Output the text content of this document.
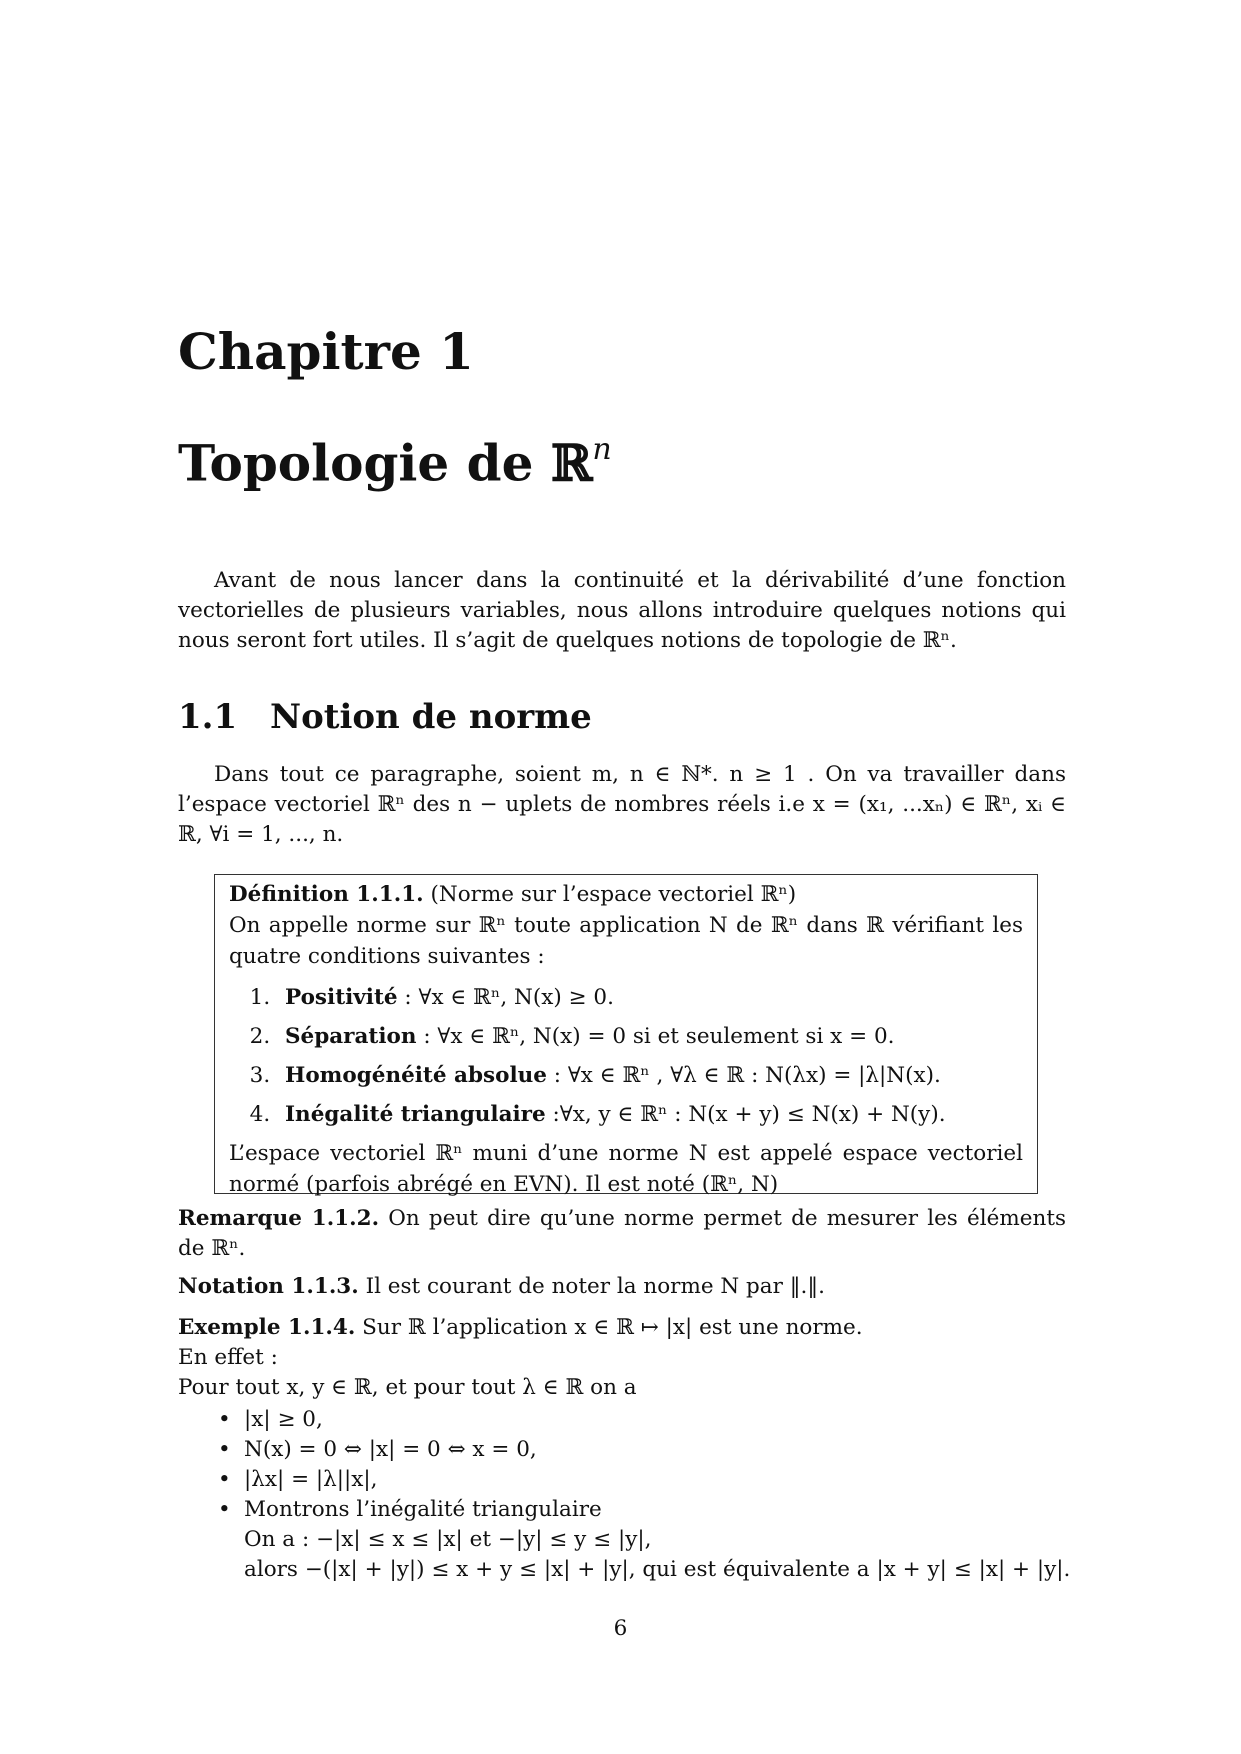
Chapitre 1
Topologie de ℝ$^n$

Avant de nous lancer dans la continuité et la dérivabilité d’une fonction vectorielles de plusieurs variables, nous allons introduire quelques notions qui nous seront fort utiles. Il s’agit de quelques notions de topologie de ℝⁿ.

1.1 Notion de norme

Dans tout ce paragraphe, soient m, n ∈ ℕ*. n ≥ 1 . On va travailler dans l’espace vectoriel ℝⁿ des n − uplets de nombres réels i.e x = (x₁, ...xₙ) ∈ ℝⁿ, xᵢ ∈ ℝ, ∀i = 1, ..., n.

Définition 1.1.1. (Norme sur l’espace vectoriel ℝⁿ)
On appelle norme sur ℝⁿ toute application N de ℝⁿ dans ℝ vérifiant les quatre conditions suivantes :
1. Positivité : ∀x ∈ ℝⁿ, N(x) ≥ 0.
2. Séparation : ∀x ∈ ℝⁿ, N(x) = 0 si et seulement si x = 0.
3. Homogénéité absolue : ∀x ∈ ℝⁿ , ∀λ ∈ ℝ : N(λx) = |λ|N(x).
4. Inégalité triangulaire :∀x, y ∈ ℝⁿ : N(x + y) ≤ N(x) + N(y).
L’espace vectoriel ℝⁿ muni d’une norme N est appelé espace vectoriel normé (parfois abrégé en EVN). Il est noté (ℝⁿ, N)

Remarque 1.1.2. On peut dire qu’une norme permet de mesurer les éléments de ℝⁿ.

Notation 1.1.3. Il est courant de noter la norme N par ‖.‖.

Exemple 1.1.4. Sur ℝ l’application x ∈ ℝ ↦ |x| est une norme.
En effet :
Pour tout x, y ∈ ℝ, et pour tout λ ∈ ℝ on a
• |x| ≥ 0,
• N(x) = 0 ⇔ |x| = 0 ⇔ x = 0,
• |λx| = |λ||x|,
• Montrons l’inégalité triangulaire
On a : −|x| ≤ x ≤ |x| et −|y| ≤ y ≤ |y|,
alors −(|x| + |y|) ≤ x + y ≤ |x| + |y|, qui est équivalente a |x + y| ≤ |x| + |y|.
6
